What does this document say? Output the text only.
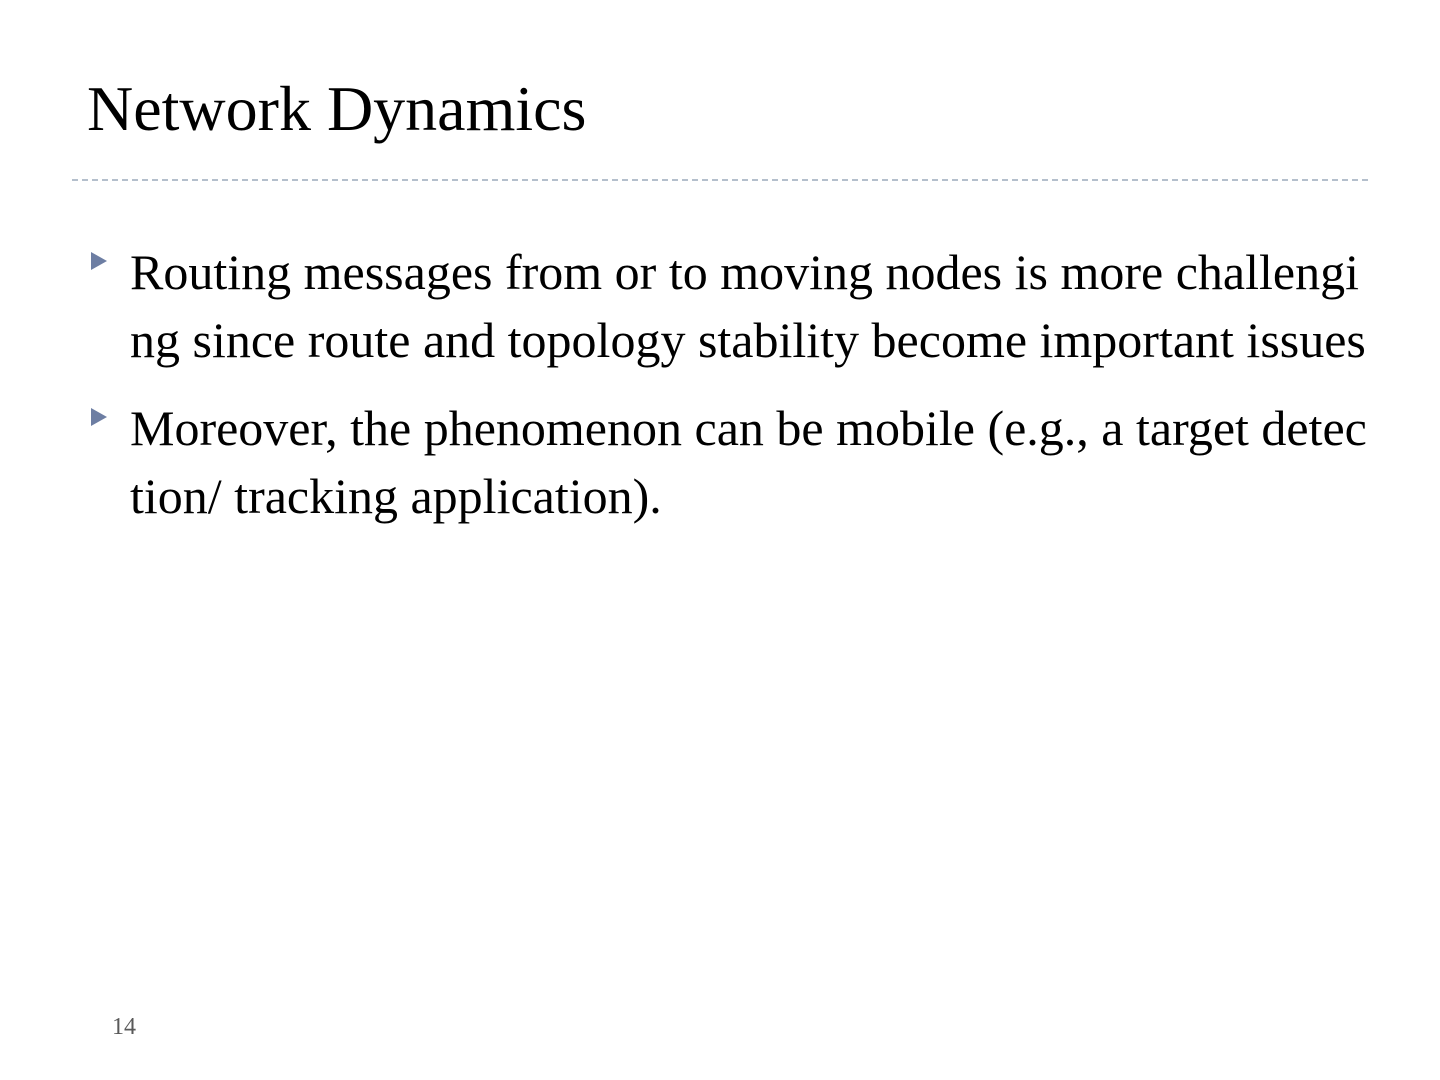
Network Dynamics
Routing messages from or to moving nodes is more challenging since route and topology stability become important issues
Moreover, the phenomenon can be mobile (e.g., a target detection/ tracking application).
14
